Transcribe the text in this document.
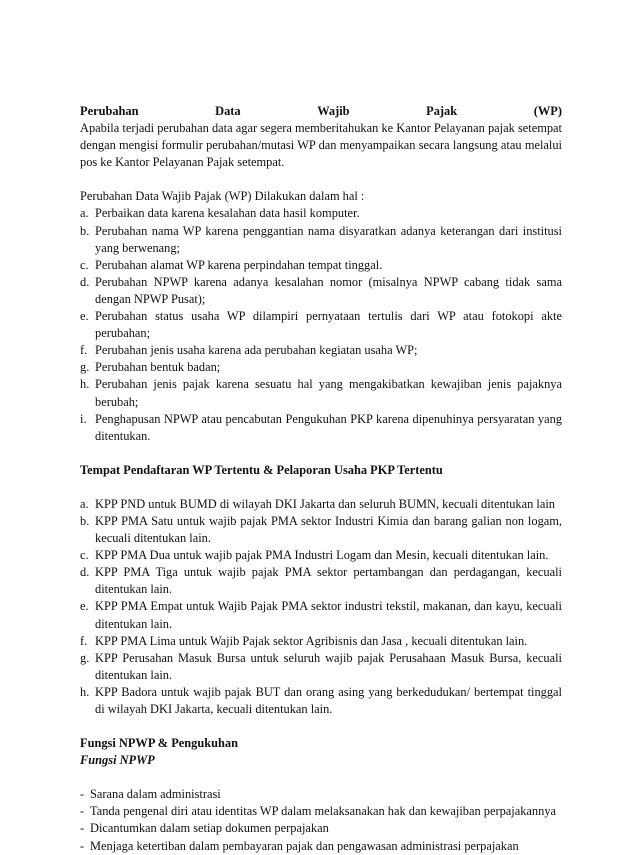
Perubahan	Data	Wajib	Pajak	(WP)

Apabila terjadi perubahan data agar segera memberitahukan ke Kantor Pelayanan pajak setempat dengan mengisi formulir perubahan/mutasi WP dan menyampaikan secara langsung atau melalui pos ke Kantor Pelayanan Pajak setempat.

Perubahan Data Wajib Pajak (WP) Dilakukan dalam hal :

a. Perbaikan data karena kesalahan data hasil komputer.
b. Perubahan nama WP karena penggantian nama disyaratkan adanya keterangan dari institusi yang berwenang;
c. Perubahan alamat WP karena perpindahan tempat tinggal.
d. Perubahan NPWP karena adanya kesalahan nomor (misalnya NPWP cabang tidak sama dengan NPWP Pusat);
e. Perubahan status usaha WP dilampiri pernyataan tertulis dari WP atau fotokopi akte perubahan;
f. Perubahan jenis usaha karena ada perubahan kegiatan usaha WP;
g. Perubahan bentuk badan;
h. Perubahan jenis pajak karena sesuatu hal yang mengakibatkan kewajiban jenis pajaknya berubah;
i. Penghapusan NPWP atau pencabutan Pengukuhan PKP karena dipenuhinya persyaratan yang ditentukan.

Tempat Pendaftaran WP Tertentu & Pelaporan Usaha PKP Tertentu

a. KPP PND untuk BUMD di wilayah DKI Jakarta dan seluruh BUMN, kecuali ditentukan lain
b. KPP PMA Satu untuk wajib pajak PMA sektor Industri Kimia dan barang galian non logam, kecuali ditentukan lain.
c. KPP PMA Dua untuk wajib pajak PMA Industri Logam dan Mesin, kecuali ditentukan lain.
d. KPP PMA Tiga untuk wajib pajak PMA sektor pertambangan dan perdagangan, kecuali ditentukan lain.
e. KPP PMA Empat untuk Wajib Pajak PMA sektor industri tekstil, makanan, dan kayu, kecuali ditentukan lain.
f. KPP PMA Lima untuk Wajib Pajak sektor Agribisnis dan Jasa , kecuali ditentukan lain.
g. KPP Perusahan Masuk Bursa untuk seluruh wajib pajak Perusahaan Masuk Bursa, kecuali ditentukan lain.
h. KPP Badora untuk wajib pajak BUT dan orang asing yang berkedudukan/ bertempat tinggal di wilayah DKI Jakarta, kecuali ditentukan lain.

Fungsi NPWP & Pengukuhan

Fungsi NPWP

- Sarana dalam administrasi
- Tanda pengenal diri atau identitas WP dalam melaksanakan hak dan kewajiban perpajakannya
- Dicantumkan dalam setiap dokumen perpajakan
- Menjaga ketertiban dalam pembayaran pajak dan pengawasan administrasi perpajakan
